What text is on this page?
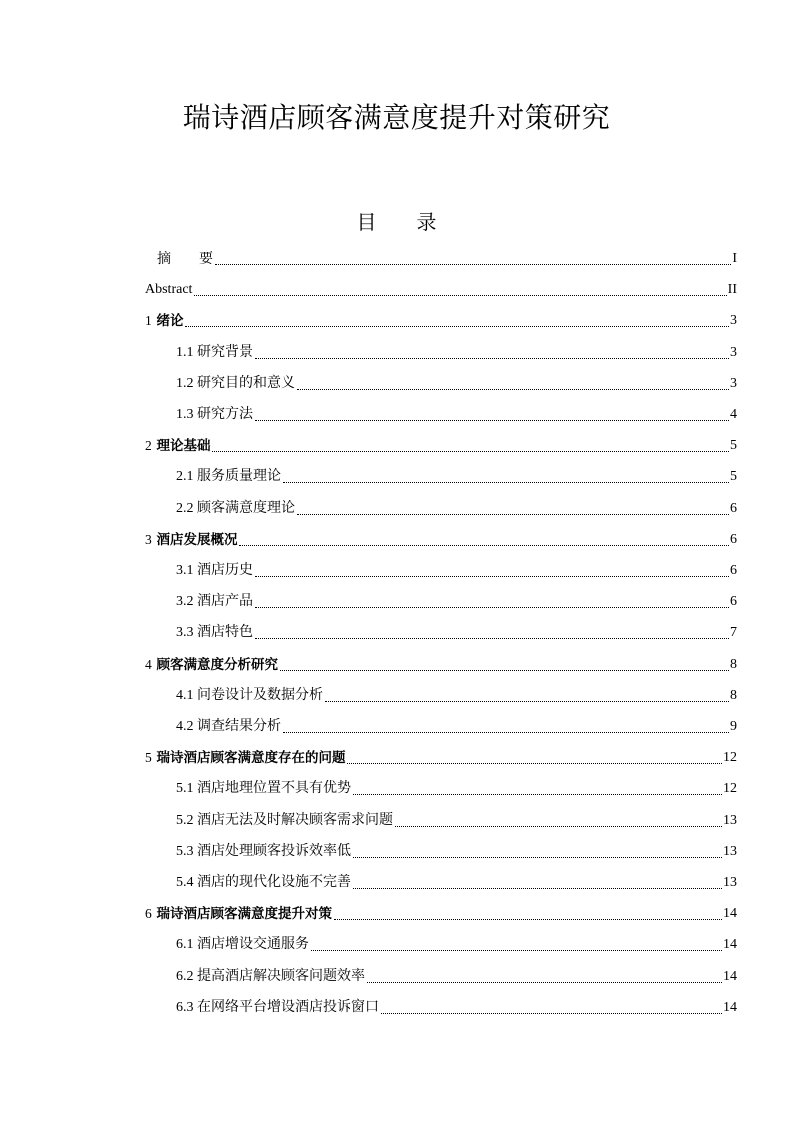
瑞诗酒店顾客满意度提升对策研究
目　　录
摘　　要	I
Abstract	II
1 绪论	3
1.1 研究背景	3
1.2 研究目的和意义	3
1.3 研究方法	4
2 理论基础	5
2.1 服务质量理论	5
2.2 顾客满意度理论	6
3 酒店发展概况	6
3.1 酒店历史	6
3.2 酒店产品	6
3.3 酒店特色	7
4 顾客满意度分析研究	8
4.1 问卷设计及数据分析	8
4.2 调查结果分析	9
5 瑞诗酒店顾客满意度存在的问题	12
5.1 酒店地理位置不具有优势	12
5.2 酒店无法及时解决顾客需求问题	13
5.3 酒店处理顾客投诉效率低	13
5.4 酒店的现代化设施不完善	13
6 瑞诗酒店顾客满意度提升对策	14
6.1 酒店增设交通服务	14
6.2 提高酒店解决顾客问题效率	14
6.3 在网络平台增设酒店投诉窗口	14
